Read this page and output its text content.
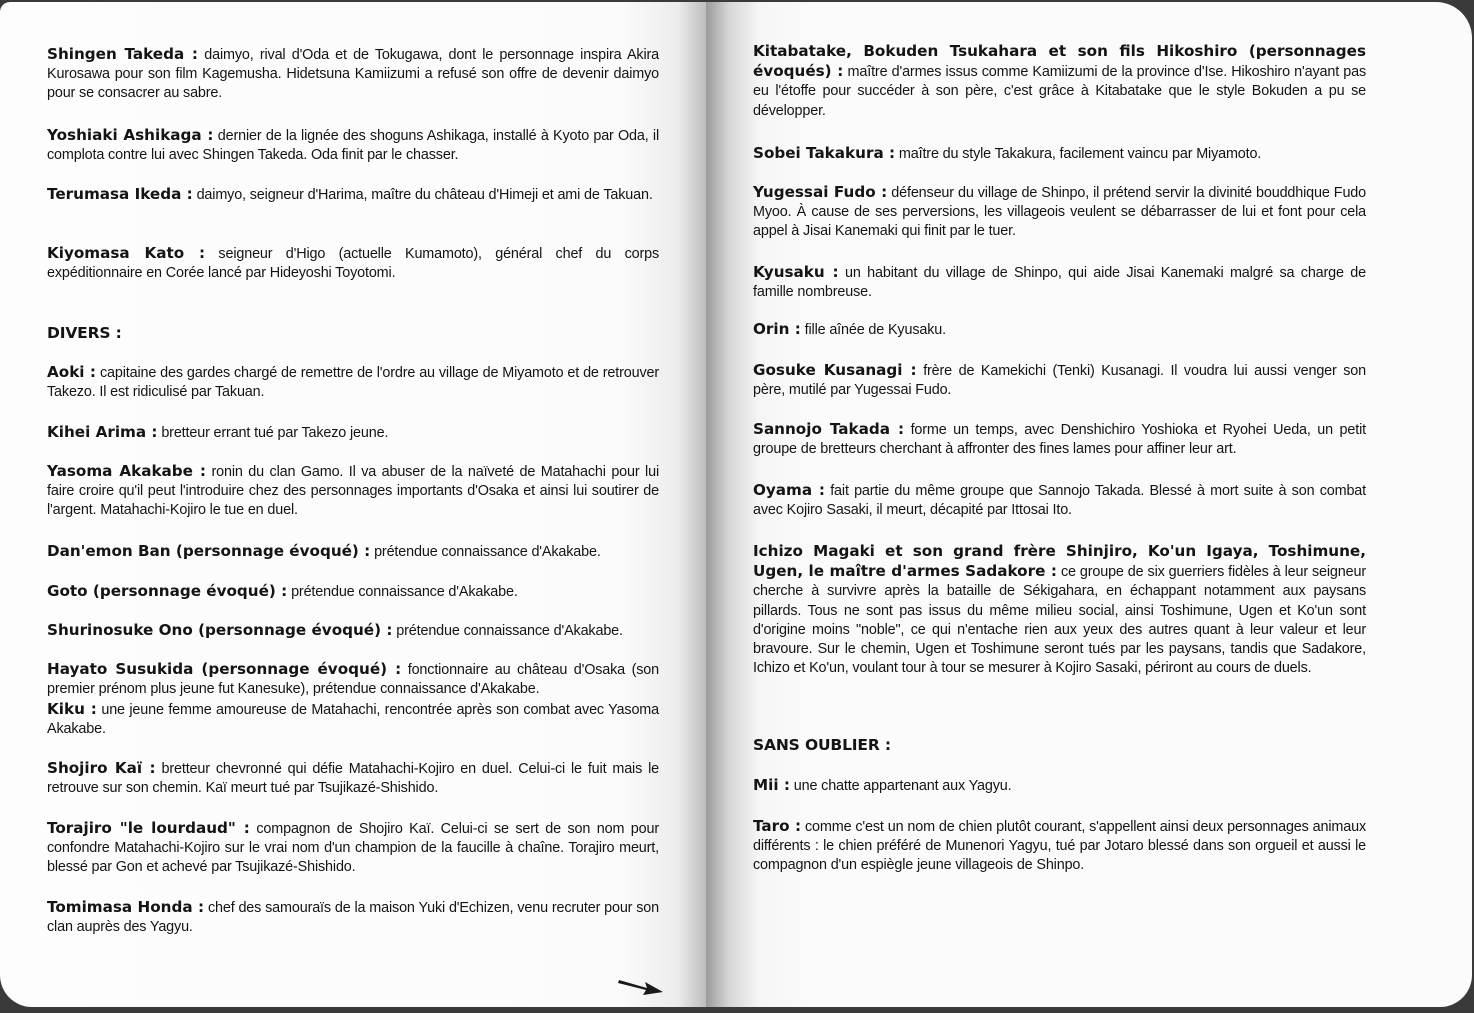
Shingen Takeda : daimyo, rival d'Oda et de Tokugawa, dont le personnage inspira Akira Kurosawa pour son film Kagemusha. Hidetsuna Kamiizumi a refusé son offre de devenir daimyo pour se consacrer au sabre.

Yoshiaki Ashikaga : dernier de la lignée des shoguns Ashikaga, installé à Kyoto par Oda, il complota contre lui avec Shingen Takeda. Oda finit par le chasser.

Terumasa Ikeda : daimyo, seigneur d'Harima, maître du château d'Himeji et ami de Takuan.

Kiyomasa Kato : seigneur d'Higo (actuelle Kumamoto), général chef du corps expéditionnaire en Corée lancé par Hideyoshi Toyotomi.

DIVERS :

Aoki : capitaine des gardes chargé de remettre de l'ordre au village de Miyamoto et de retrouver Takezo. Il est ridiculisé par Takuan.

Kihei Arima : bretteur errant tué par Takezo jeune.

Yasoma Akakabe : ronin du clan Gamo. Il va abuser de la naïveté de Matahachi pour lui faire croire qu'il peut l'introduire chez des personnages importants d'Osaka et ainsi lui soutirer de l'argent. Matahachi-Kojiro le tue en duel.

Dan'emon Ban (personnage évoqué) : prétendue connaissance d'Akakabe.

Goto (personnage évoqué) : prétendue connaissance d'Akakabe.

Shurinosuke Ono (personnage évoqué) : prétendue connaissance d'Akakabe.

Hayato Susukida (personnage évoqué) : fonctionnaire au château d'Osaka (son premier prénom plus jeune fut Kanesuke), prétendue connaissance d'Akakabe.

Kiku : une jeune femme amoureuse de Matahachi, rencontrée après son combat avec Yasoma Akakabe.

Shojiro Kaï : bretteur chevronné qui défie Matahachi-Kojiro en duel. Celui-ci le fuit mais le retrouve sur son chemin. Kaï meurt tué par Tsujikazé-Shishido.

Torajiro "le lourdaud" : compagnon de Shojiro Kaï. Celui-ci se sert de son nom pour confondre Matahachi-Kojiro sur le vrai nom d'un champion de la faucille à chaîne. Torajiro meurt, blessé par Gon et achevé par Tsujikazé-Shishido.

Tomimasa Honda : chef des samouraïs de la maison Yuki d'Echizen, venu recruter pour son clan auprès des Yagyu.

Kitabatake, Bokuden Tsukahara et son fils Hikoshiro (personnages évoqués) : maître d'armes issus comme Kamiizumi de la province d'Ise. Hikoshiro n'ayant pas eu l'étoffe pour succéder à son père, c'est grâce à Kitabatake que le style Bokuden a pu se développer.

Sobei Takakura : maître du style Takakura, facilement vaincu par Miyamoto.

Yugessai Fudo : défenseur du village de Shinpo, il prétend servir la divinité bouddhique Fudo Myoo. À cause de ses perversions, les villageois veulent se débarrasser de lui et font pour cela appel à Jisai Kanemaki qui finit par le tuer.

Kyusaku : un habitant du village de Shinpo, qui aide Jisai Kanemaki malgré sa charge de famille nombreuse.

Orin : fille aînée de Kyusaku.

Gosuke Kusanagi : frère de Kamekichi (Tenki) Kusanagi. Il voudra lui aussi venger son père, mutilé par Yugessai Fudo.

Sannojo Takada : forme un temps, avec Denshichiro Yoshioka et Ryohei Ueda, un petit groupe de bretteurs cherchant à affronter des fines lames pour affiner leur art.

Oyama : fait partie du même groupe que Sannojo Takada. Blessé à mort suite à son combat avec Kojiro Sasaki, il meurt, décapité par Ittosai Ito.

Ichizo Magaki et son grand frère Shinjiro, Ko'un Igaya, Toshimune, Ugen, le maître d'armes Sadakore : ce groupe de six guerriers fidèles à leur seigneur cherche à survivre après la bataille de Sékigahara, en échappant notamment aux paysans pillards. Tous ne sont pas issus du même milieu social, ainsi Toshimune, Ugen et Ko'un sont d'origine moins "noble", ce qui n'entache rien aux yeux des autres quant à leur valeur et leur bravoure. Sur le chemin, Ugen et Toshimune seront tués par les paysans, tandis que Sadakore, Ichizo et Ko'un, voulant tour à tour se mesurer à Kojiro Sasaki, périront au cours de duels.

SANS OUBLIER :

Mii : une chatte appartenant aux Yagyu.

Taro : comme c'est un nom de chien plutôt courant, s'appellent ainsi deux personnages animaux différents : le chien préféré de Munenori Yagyu, tué par Jotaro blessé dans son orgueil et aussi le compagnon d'un espiègle jeune villageois de Shinpo.
